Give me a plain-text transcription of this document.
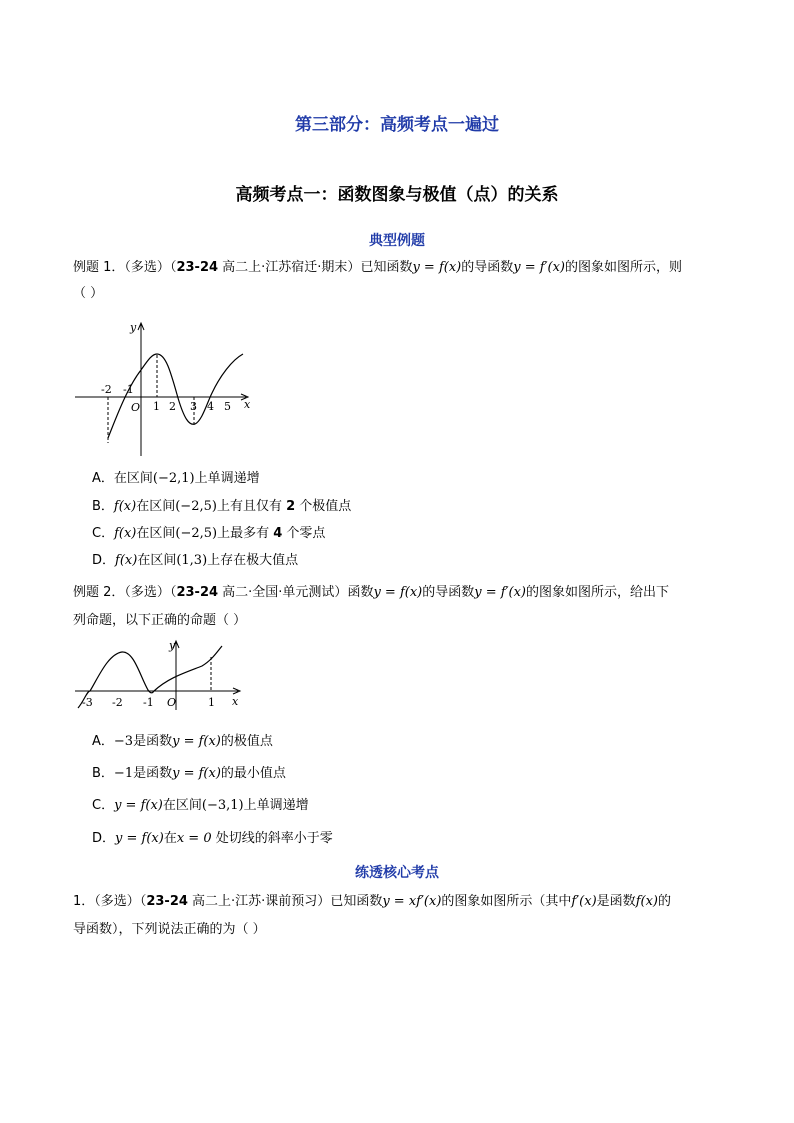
第三部分：高频考点一遍过
高频考点一：函数图象与极值（点）的关系
典型例题
例题 1．（多选）（23-24 高二上·江苏宿迁·期末）已知函数y = f(x)的导函数y = f′(x)的图象如图所示，则
（ ）
y
x
O
-2 -1
1 2 3 4 5
A．在区间(−2,1)上单调递增
B．f(x)在区间(−2,5)上有且仅有 2 个极值点
C．f(x)在区间(−2,5)上最多有 4 个零点
D．f(x)在区间(1,3)上存在极大值点
例题 2．（多选）（23-24 高二·全国·单元测试）函数y = f(x)的导函数y = f′(x)的图象如图所示，给出下
列命题，以下正确的命题（ ）
y
x
O
-3 -2 -1	1
A．−3是函数y = f(x)的极值点
B．−1是函数y = f(x)的最小值点
C．y = f(x)在区间(−3,1)上单调递增
D．y = f(x)在x = 0 处切线的斜率小于零
练透核心考点
1．（多选）（23-24 高二上·江苏·课前预习）已知函数y = xf′(x)的图象如图所示（其中f′(x)是函数f(x)的
导函数），下列说法正确的为（ ）
